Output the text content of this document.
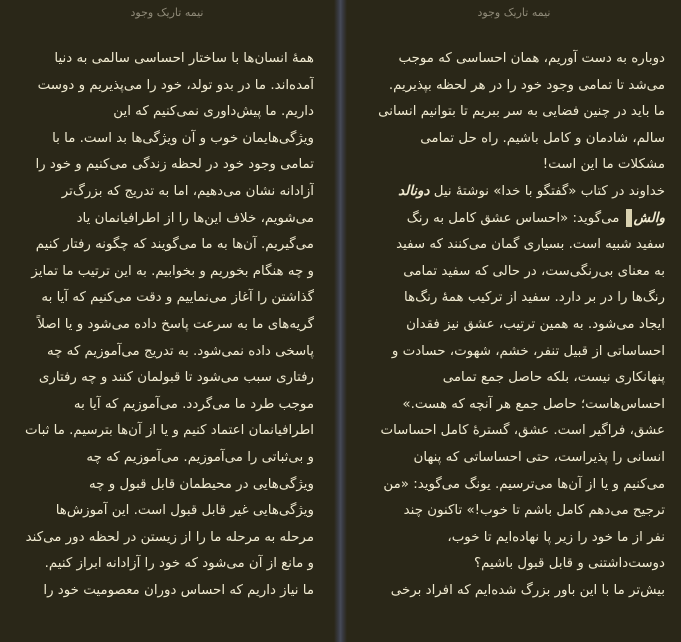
نیمه تاریک وجود
همهٔ انسان‌ها با ساختار احساسی سالمی به دنیا
آمده‌اند. ما در بدو تولد، خود را می‌پذیریم و دوست
داریم. ما پیش‌داوری نمی‌کنیم که این
ویژگی‌هایمان خوب و آن ویژگی‌ها بد است. ما با
تمامی وجود خود در لحظه زندگی می‌کنیم و خود را
آزادانه نشان می‌دهیم، اما به تدریج که بزرگ‌تر
می‌شویم، خلاف این‌ها را از اطرافیانمان یاد
می‌گیریم. آن‌ها به ما می‌گویند که چگونه رفتار کنیم
و چه هنگام بخوریم و بخوابیم. به این ترتیب ما تمایز
گذاشتن را آغاز می‌نماییم و دقت می‌کنیم که آیا به
گریه‌های ما به سرعت پاسخ داده می‌شود و یا اصلاً
پاسخی داده نمی‌شود. به تدریج می‌آموزیم که چه
رفتاری سبب می‌شود تا قبولمان کنند و چه رفتاری
موجب طرد ما می‌گردد. می‌آموزیم که آیا به
اطرافیانمان اعتماد کنیم و یا از آن‌ها بترسیم. ما ثبات
و بی‌ثباتی را می‌آموزیم. می‌آموزیم که چه
ویژگی‌هایی در محیطمان قابل قبول و چه
ویژگی‌هایی غیر قابل قبول است. این آموزش‌ها
مرحله به مرحله ما را از زیستن در لحظه دور می‌کند
و مانع از آن می‌شود که خود را آزادانه ابراز کنیم.
ما نیاز داریم که احساس دوران معصومیت خود را
نیمه تاریک وجود
دوباره به دست آوریم، همان احساسی که موجب
می‌شد تا تمامی وجود خود را در هر لحظه بپذیریم.
ما باید در چنین فضایی به سر ببریم تا بتوانیم انسانی
سالم، شادمان و کامل باشیم. راه حل تمامی
مشکلات ما این است!
خداوند در کتاب «گفتگو با خدا» نوشتهٔ نیل دونالد
والش می‌گوید: «احساس عشق کامل به رنگ
سفید شبیه است. بسیاری گمان می‌کنند که سفید
به معنای بی‌رنگی‌ست، در حالی که سفید تمامی
رنگ‌ها را در بر دارد. سفید از ترکیب همهٔ رنگ‌ها
ایجاد می‌شود. به همین ترتیب، عشق نیز فقدان
احساساتی از قبیل تنفر، خشم، شهوت، حسادت و
پنهانکاری نیست، بلکه حاصل جمع تمامی
احساس‌هاست؛ حاصل جمع هر آنچه که هست.»
عشق، فراگیر است. عشق، گسترهٔ کامل احساسات
انسانی را پذیراست، حتی احساساتی که پنهان
می‌کنیم و یا از آن‌ها می‌ترسیم. یونگ می‌گوید: «من
ترجیح می‌دهم کامل باشم تا خوب!» تاکنون چند
نفر از ما خود را زیر پا نهاده‌ایم تا خوب،
دوست‌داشتنی و قابل قبول باشیم؟
بیش‌تر ما با این باور بزرگ شده‌ایم که افراد برخی
